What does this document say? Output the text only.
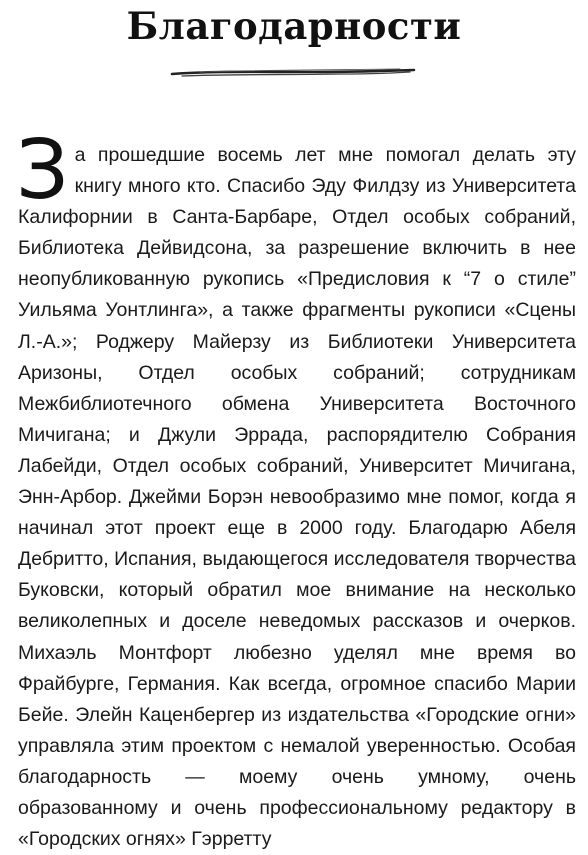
Благодарности

За прошедшие восемь лет мне помогал делать эту книгу много кто. Спасибо Эду Филдзу из Университета Калифорнии в Санта-Барбаре, Отдел особых собраний, Библиотека Дейвидсона, за разрешение включить в нее неопубликованную рукопись «Предисловия к “7 о стиле” Уильяма Уонтлинга», а также фрагменты рукописи «Сцены Л.-А.»; Роджеру Майерзу из Библиотеки Университета Аризоны, Отдел особых собраний; сотрудникам Межбиблиотечного обмена Университета Восточного Мичигана; и Джули Эррада, распорядителю Собрания Лабейди, Отдел особых собраний, Университет Мичигана, Энн-Арбор. Джейми Борэн невообразимо мне помог, когда я начинал этот проект еще в 2000 году. Благодарю Абеля Дебритто, Испания, выдающегося исследователя творчества Буковски, который обратил мое внимание на несколько великолепных и доселе неведомых рассказов и очерков. Михаэль Монтфорт любезно уделял мне время во Фрайбурге, Германия. Как всегда, огромное спасибо Марии Бейе. Элейн Каценбергер из издательства «Городские огни» управляла этим проектом с немалой уверенностью. Особая благодарность — моему очень умному, очень образованному и очень профессиональному редактору в «Городских огнях» Гэрретту
